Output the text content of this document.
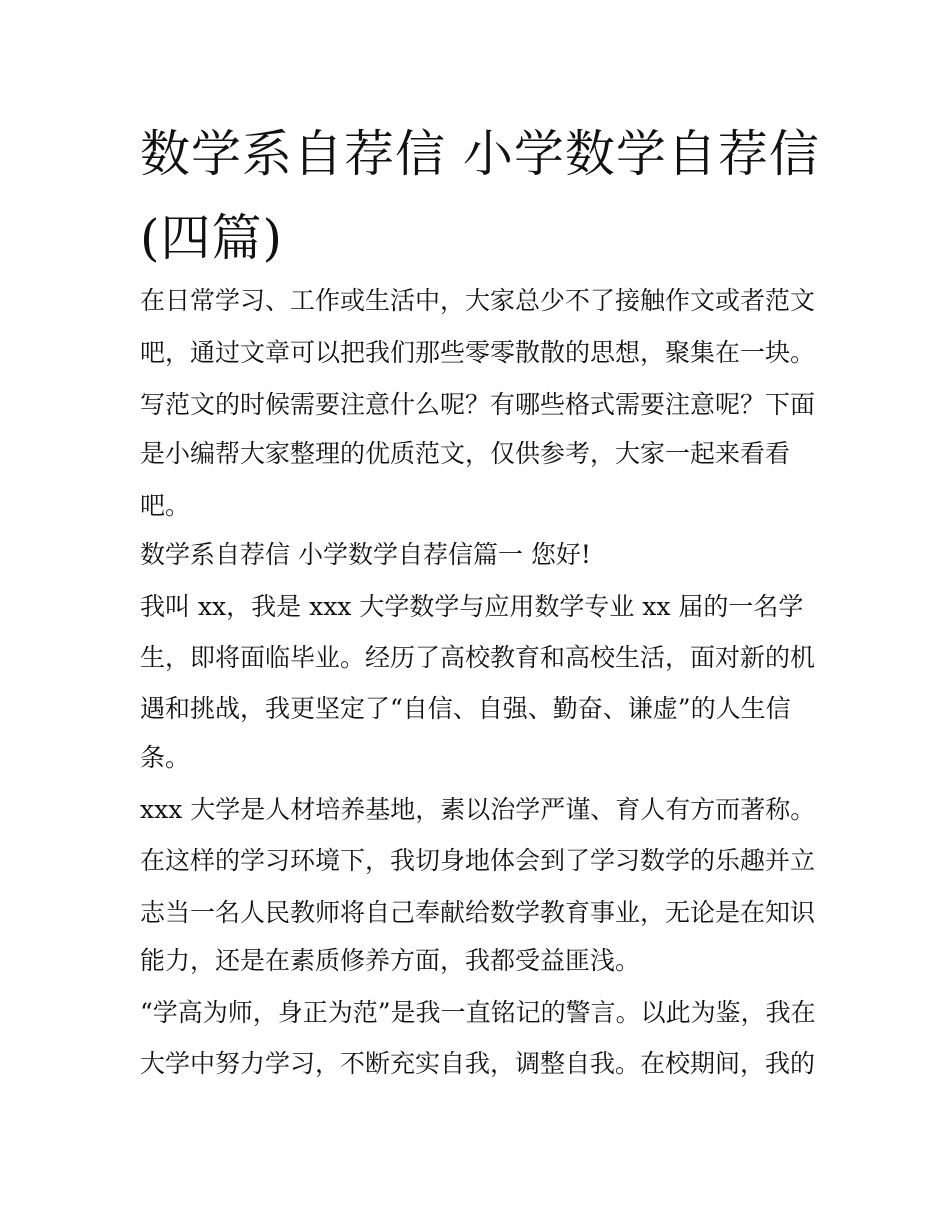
数学系自荐信 小学数学自荐信
(四篇)

在日常学习、工作或生活中，大家总少不了接触作文或者范文

吧，通过文章可以把我们那些零零散散的思想，聚集在一块。

写范文的时候需要注意什么呢？有哪些格式需要注意呢？下面

是小编帮大家整理的优质范文，仅供参考，大家一起来看看

吧。

数学系自荐信 小学数学自荐信篇一 您好!

我叫 xx，我是 xxx 大学数学与应用数学专业 xx 届的一名学

生，即将面临毕业。经历了高校教育和高校生活，面对新的机

遇和挑战，我更坚定了“自信、自强、勤奋、谦虚”的人生信

条。

xxx 大学是人材培养基地，素以治学严谨、育人有方而著称。

在这样的学习环境下，我切身地体会到了学习数学的乐趣并立

志当一名人民教师将自己奉献给数学教育事业，无论是在知识

能力，还是在素质修养方面，我都受益匪浅。

“学高为师，身正为范”是我一直铭记的警言。以此为鉴，我在

大学中努力学习，不断充实自我，调整自我。在校期间，我的
